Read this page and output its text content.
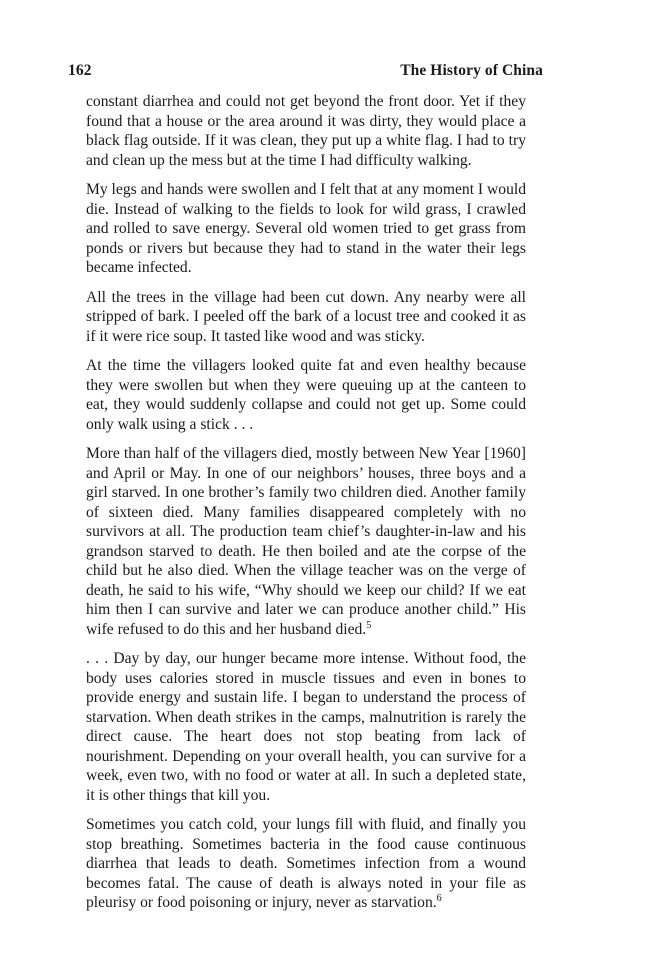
162	The History of China

constant diarrhea and could not get beyond the front door. Yet if they found that a house or the area around it was dirty, they would place a black flag outside. If it was clean, they put up a white flag. I had to try and clean up the mess but at the time I had difficulty walking.

My legs and hands were swollen and I felt that at any moment I would die. Instead of walking to the fields to look for wild grass, I crawled and rolled to save energy. Several old women tried to get grass from ponds or rivers but because they had to stand in the water their legs became infected.

All the trees in the village had been cut down. Any nearby were all stripped of bark. I peeled off the bark of a locust tree and cooked it as if it were rice soup. It tasted like wood and was sticky.

At the time the villagers looked quite fat and even healthy because they were swollen but when they were queuing up at the canteen to eat, they would suddenly collapse and could not get up. Some could only walk using a stick . . .

More than half of the villagers died, mostly between New Year [1960] and April or May. In one of our neighbors’ houses, three boys and a girl starved. In one brother’s family two children died. Another family of sixteen died. Many families disappeared completely with no survivors at all. The production team chief’s daughter-in-law and his grandson starved to death. He then boiled and ate the corpse of the child but he also died. When the village teacher was on the verge of death, he said to his wife, “Why should we keep our child? If we eat him then I can survive and later we can produce another child.” His wife refused to do this and her husband died.$^5$

. . . Day by day, our hunger became more intense. Without food, the body uses calories stored in muscle tissues and even in bones to provide energy and sustain life. I began to understand the process of starvation. When death strikes in the camps, malnutrition is rarely the direct cause. The heart does not stop beating from lack of nourishment. Depending on your overall health, you can survive for a week, even two, with no food or water at all. In such a depleted state, it is other things that kill you.

Sometimes you catch cold, your lungs fill with fluid, and finally you stop breathing. Sometimes bacteria in the food cause continuous diarrhea that leads to death. Sometimes infection from a wound becomes fatal. The cause of death is always noted in your file as pleurisy or food poisoning or injury, never as starvation.$^6$
